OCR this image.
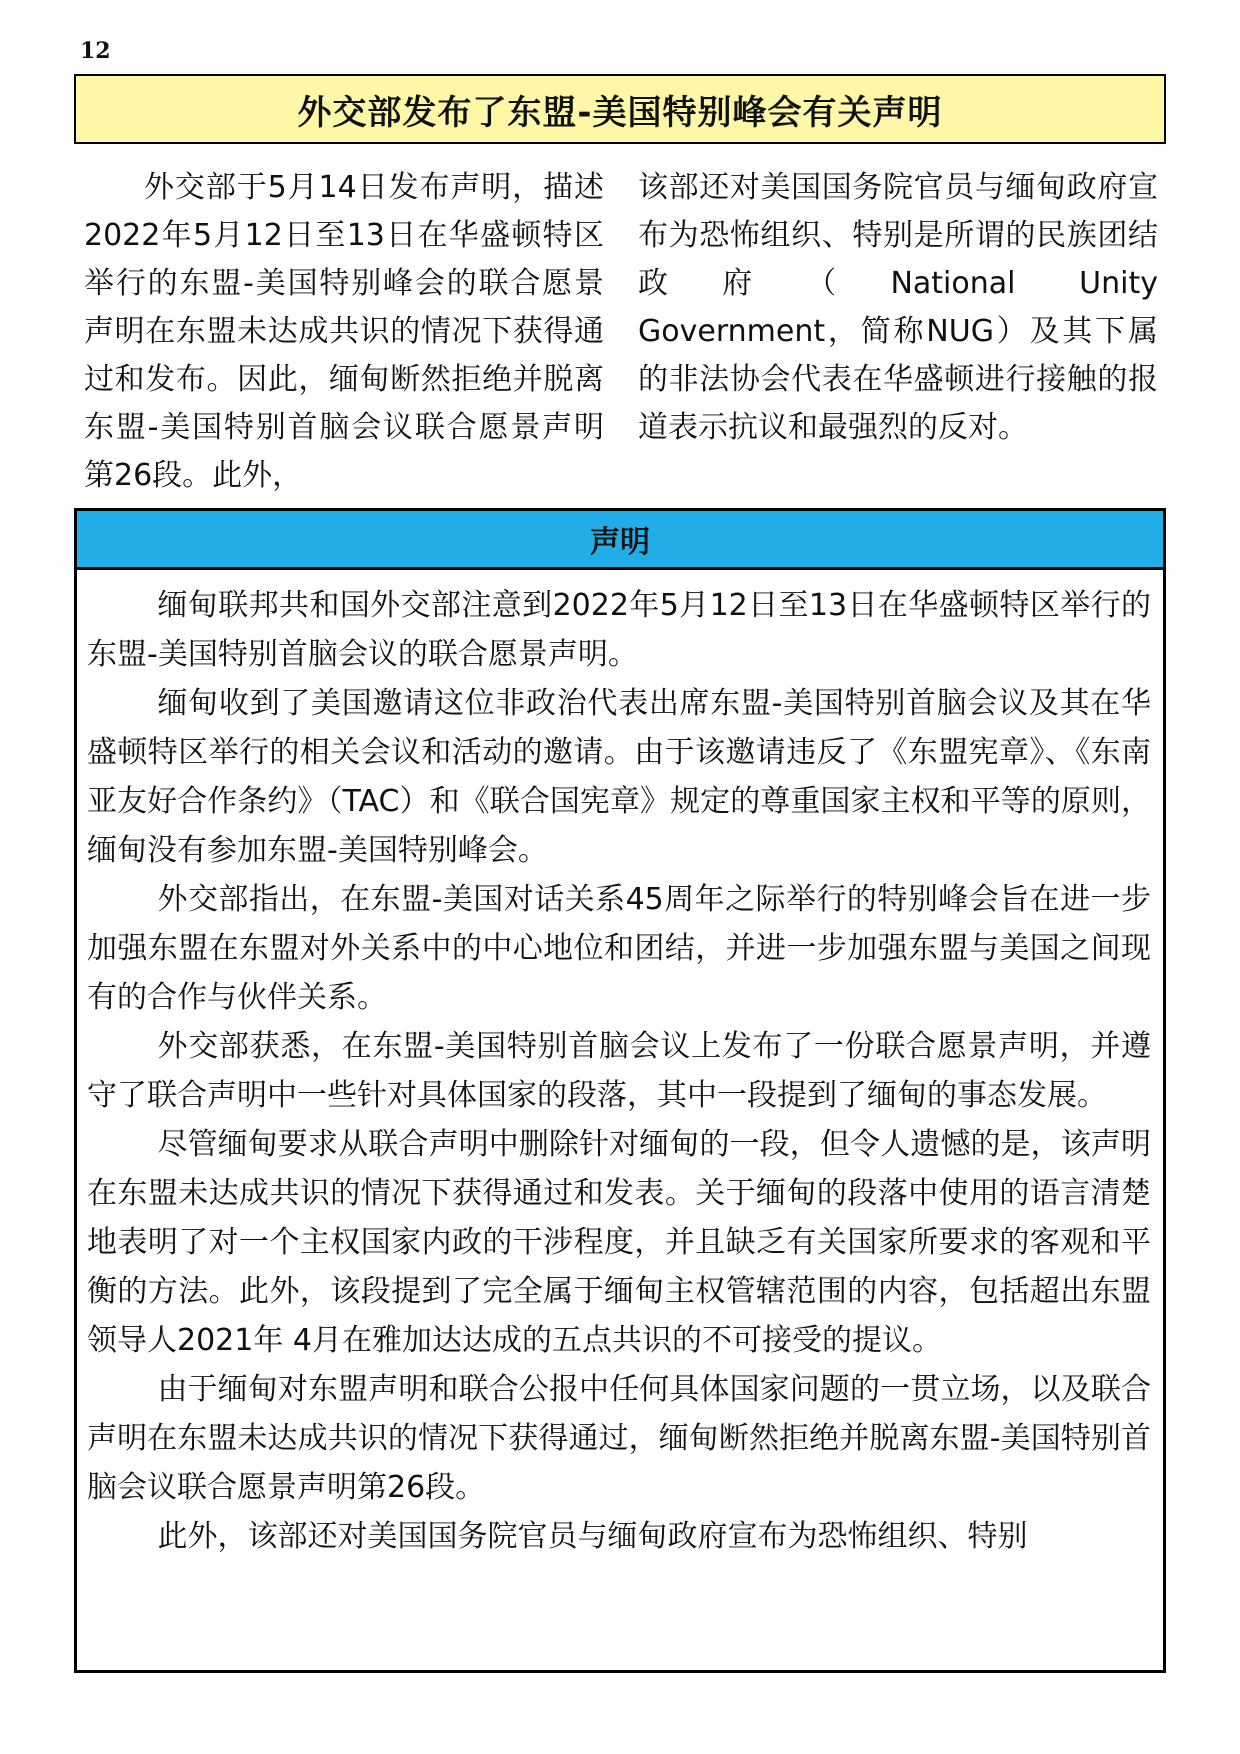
12
外交部发布了东盟-美国特别峰会有关声明

外交部于5月14日发布声明，描述2022年5月12日至13日在华盛顿特区举行的东盟-美国特别峰会的联合愿景声明在东盟未达成共识的情况下获得通过和发布。因此，缅甸断然拒绝并脱离东盟-美国特别首脑会议联合愿景声明第26段。此外，

该部还对美国国务院官员与缅甸政府宣布为恐怖组织、特别是所谓的民族团结政府（National Unity Government，简称NUG）及其下属的非法协会代表在华盛顿进行接触的报道表示抗议和最强烈的反对。

声明

缅甸联邦共和国外交部注意到2022年5月12日至13日在华盛顿特区举行的东盟-美国特别首脑会议的联合愿景声明。

缅甸收到了美国邀请这位非政治代表出席东盟-美国特别首脑会议及其在华盛顿特区举行的相关会议和活动的邀请。由于该邀请违反了《东盟宪章》、《东南亚友好合作条约》（TAC）和《联合国宪章》规定的尊重国家主权和平等的原则，缅甸没有参加东盟-美国特别峰会。

外交部指出，在东盟-美国对话关系45周年之际举行的特别峰会旨在进一步加强东盟在东盟对外关系中的中心地位和团结，并进一步加强东盟与美国之间现有的合作与伙伴关系。

外交部获悉，在东盟-美国特别首脑会议上发布了一份联合愿景声明，并遵守了联合声明中一些针对具体国家的段落，其中一段提到了缅甸的事态发展。

尽管缅甸要求从联合声明中删除针对缅甸的一段，但令人遗憾的是，该声明在东盟未达成共识的情况下获得通过和发表。关于缅甸的段落中使用的语言清楚地表明了对一个主权国家内政的干涉程度，并且缺乏有关国家所要求的客观和平衡的方法。此外，该段提到了完全属于缅甸主权管辖范围的内容，包括超出东盟领导人2021年 4月在雅加达达成的五点共识的不可接受的提议。

由于缅甸对东盟声明和联合公报中任何具体国家问题的一贯立场，以及联合声明在东盟未达成共识的情况下获得通过，缅甸断然拒绝并脱离东盟-美国特别首脑会议联合愿景声明第26段。

此外，该部还对美国国务院官员与缅甸政府宣布为恐怖组织、特别
